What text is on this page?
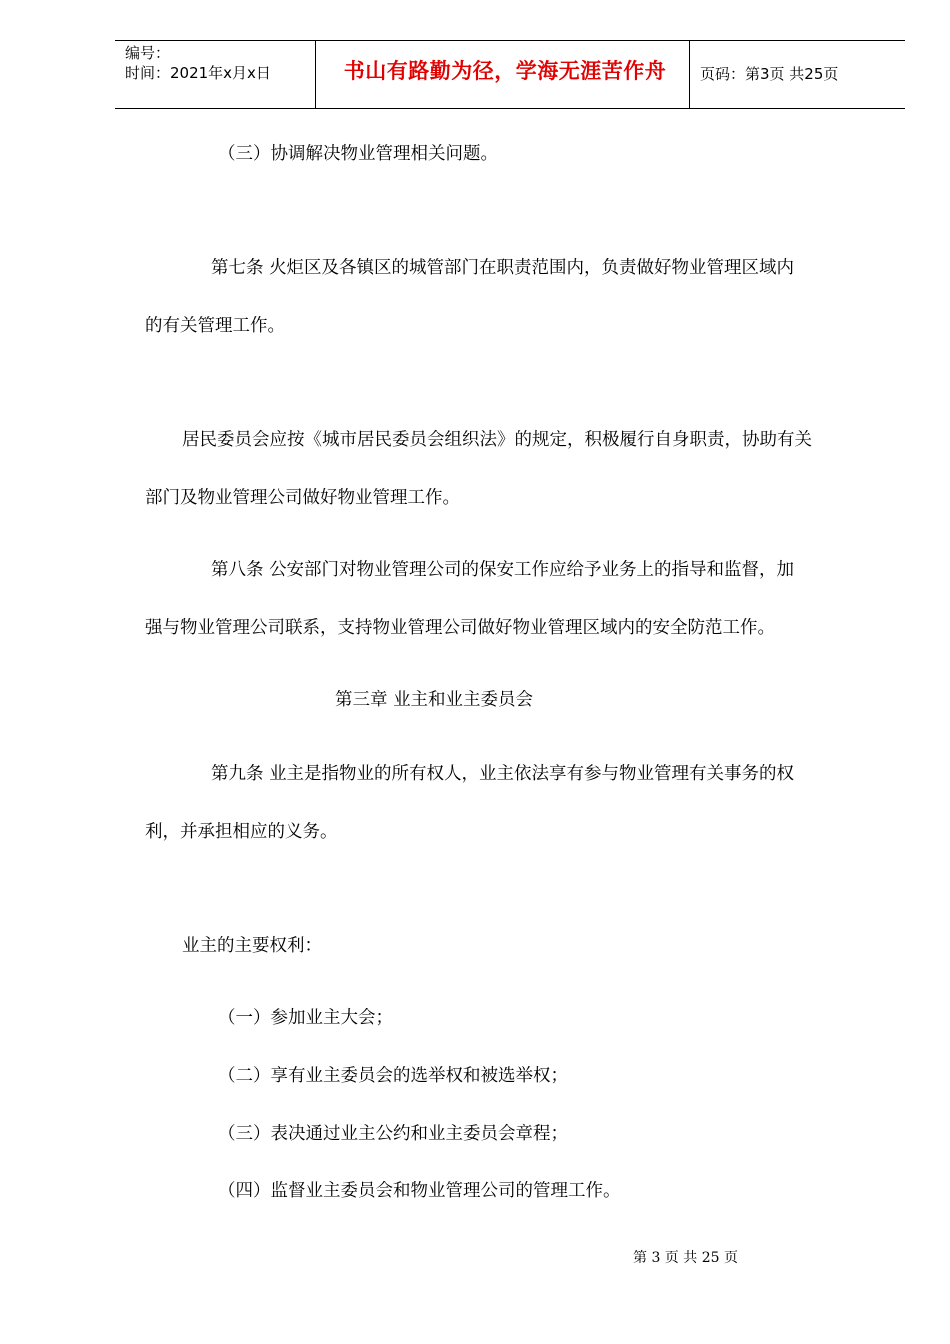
编号：
时间：2021年x月x日	书山有路勤为径，学海无涯苦作舟	页码：第3页 共25页
（三）协调解决物业管理相关问题。
第七条 火炬区及各镇区的城管部门在职责范围内，负责做好物业管理区域内
的有关管理工作。
居民委员会应按《城市居民委员会组织法》的规定，积极履行自身职责，协助有关
部门及物业管理公司做好物业管理工作。
第八条 公安部门对物业管理公司的保安工作应给予业务上的指导和监督，加
强与物业管理公司联系，支持物业管理公司做好物业管理区域内的安全防范工作。
第三章 业主和业主委员会
第九条 业主是指物业的所有权人，业主依法享有参与物业管理有关事务的权
利，并承担相应的义务。
业主的主要权利：
（一）参加业主大会；
（二）享有业主委员会的选举权和被选举权；
（三）表决通过业主公约和业主委员会章程；
（四）监督业主委员会和物业管理公司的管理工作。
第 3 页 共 25 页
